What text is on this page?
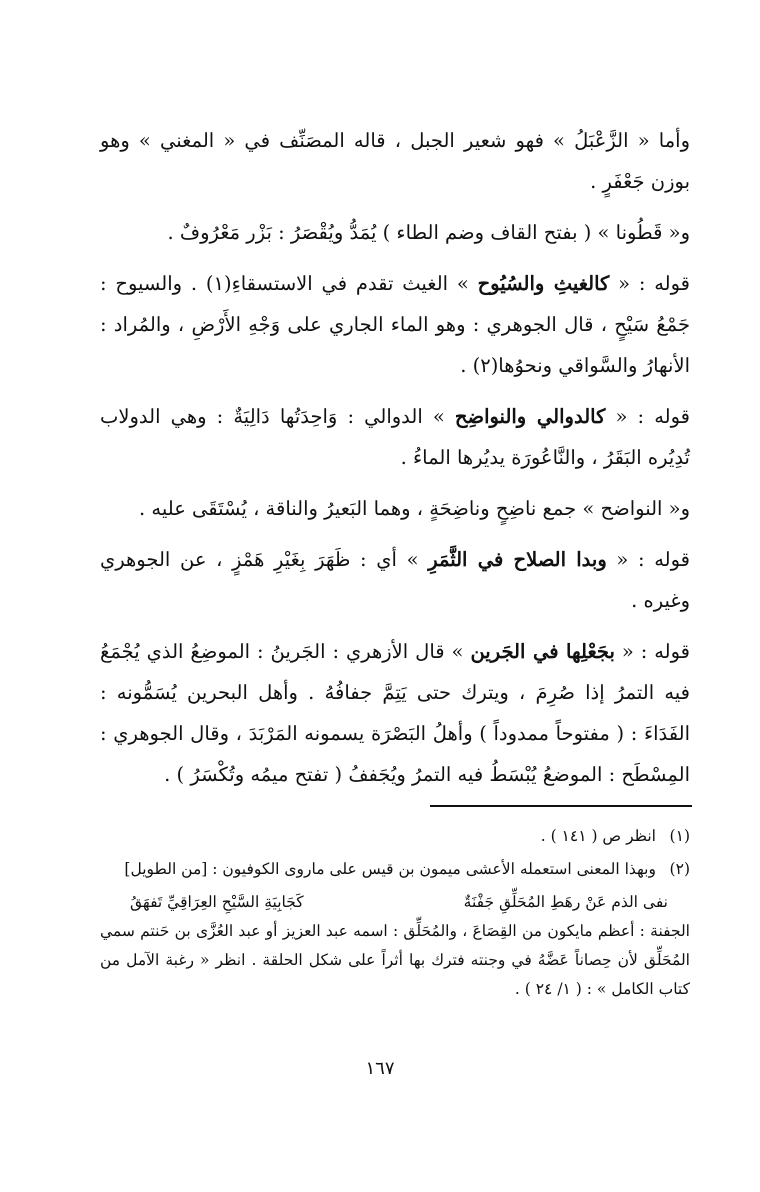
وأما « الزَّعْبَلُ » فهو شعير الجبل ، قاله المصَنِّف في « المغني » وهو بوزن جَعْفَرٍ .

و« قَطُونا » ( بفتح القاف وضم الطاء ) يُمَدُّ ويُقْصَرُ : بَزْر مَعْرُوفٌ .

قوله : « كالغيثِ والسُيُوح » الغيث تقدم في الاستسقاءِ(١) . والسيوح : جَمْعُ سَيْحٍ ، قال الجوهري : وهو الماء الجاري على وَجْهِ الأَرْضِ ، والمُراد : الأنهارُ والسَّواقي ونحوُها(٢) .

قوله : « كالدوالي والنواضِح » الدوالي : وَاحِدَتُها دَالِيَةٌ : وهي الدولاب تُدِيُره البَقَرُ ، والنَّاعُورَة يديُرها الماءُ .

و« النواضح » جمع ناضِحٍ وناضِحَةٍ ، وهما البَعيرُ والناقة ، يُسْتَقَى عليه .

قوله : « وبدا الصلاح في الثَّمَرِ » أي : ظَهَرَ بِغَيْرِ هَمْزٍ ، عن الجوهري وغيره .

قوله : « بجَعْلِها في الجَرين » قال الأزهري : الجَرينُ : الموضِعُ الذي يُجْمَعُ فيه التمرُ إذا صُرِمَ ، ويترك حتى يَتِمَّ جفافُهُ . وأهل البحرين يُسَمُّونه : الفَدَاءَ : ( مفتوحاً ممدوداً ) وأهلُ البَصْرَة يسمونه المَرْبَدَ ، وقال الجوهري : المِسْطَح : الموضعُ يُبْسَطُ فيه التمرُ ويُجَففُ ( تفتح ميمُه وتُكْسَرُ ) .

(١)
انظر ص ( ١٤١ ) .
(٢)
وبهذا المعنى استعمله الأعشى ميمون بن قيس على ماروى الكوفيون : [من الطويل]
نفى الذم عَنْ رهَطِ المُحَلِّقِ جَفْنَةٌ
كَجَابِيَةِ السَّيْحِ العِرَاقِيِّ تَفهَقُ
الجفنة : أعظم مايكون من القِصَاعَ ، والمُحَلِّق : اسمه عبد العزيز أو عبد العُزَّى بن حَنتم سمي المُحَلِّق لأن حِصاناً عَضَّهُ في وجنته فترك بها أثراً على شكل الحلقة . انظر « رغبة الآمل من كتاب الكامل » : ( ١/ ٢٤ ) .
١٦٧
